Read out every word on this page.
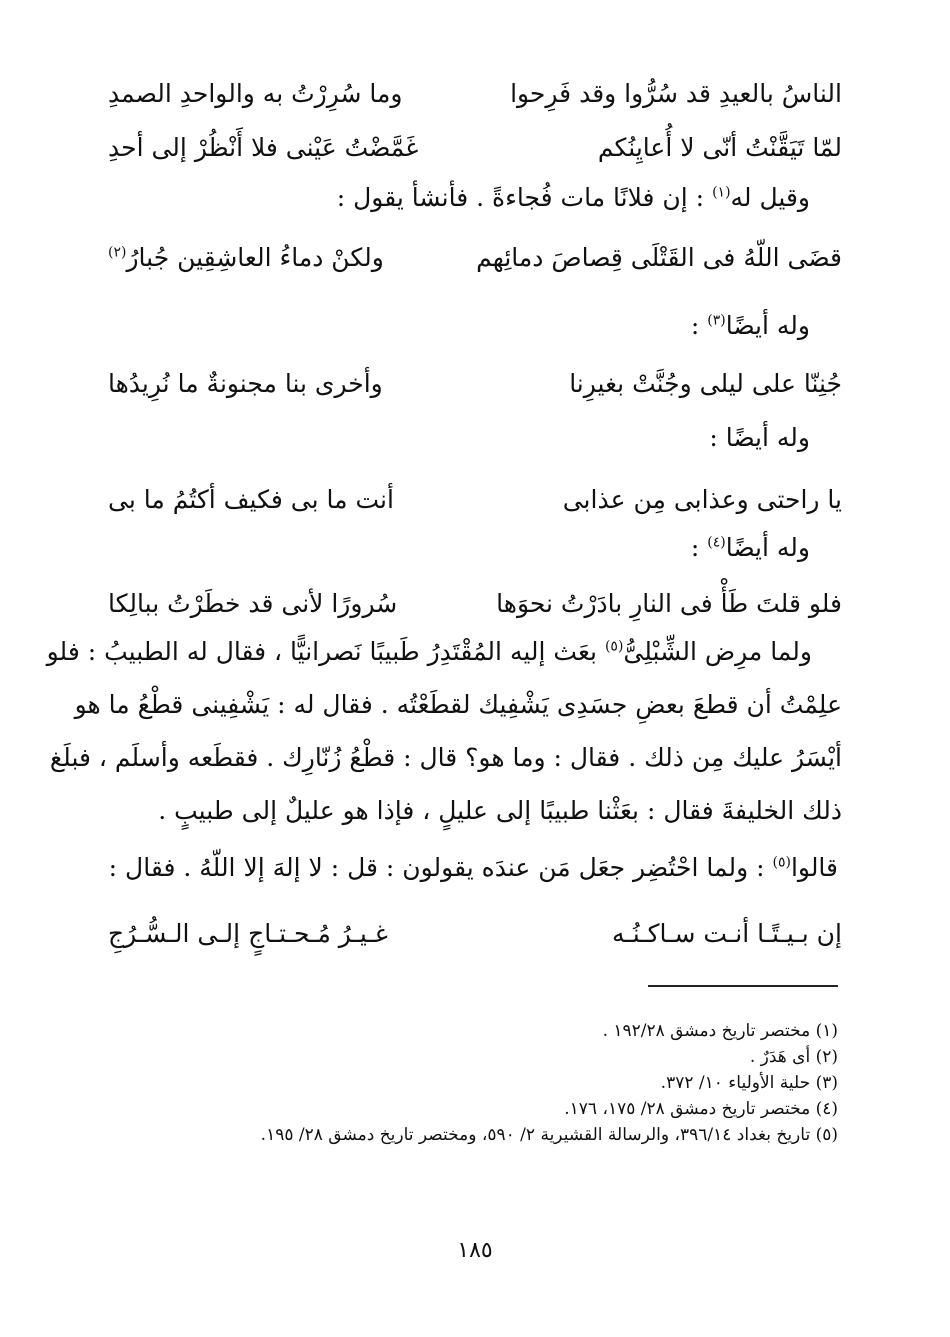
الناسُ بالعيدِ قد سُرُّوا وقد فَرِحوا
وما سُرِرْتُ به والواحدِ الصمدِ
لمّا تَيَقَّنْتُ أنّى لا أُعايِنُكم
غَمَّضْتُ عَيْنى فلا أَنْظُرْ إلى أحدِ
وقيل له$^{(١)}$ : إن فلانًا مات فُجاءةً . فأنشأ يقول :
قضَى اللّهُ فى القَتْلَى قِصاصَ دمائِهم
ولكنْ دماءُ العاشِقِين جُبارُ$^{(٢)}$
وله أيضًا$^{(٣)}$ :
جُنِنّا على ليلى وجُنَّتْ بغيرِنا
وأخرى بنا مجنونةٌ ما نُرِيدُها
وله أيضًا :
يا راحتى وعذابى مِن عذابى
أنت ما بى فكيف أكتُمُ ما بى
وله أيضًا$^{(٤)}$ :
فلو قلتَ طَأْ فى النارِ بادَرْتُ نحوَها
سُرورًا لأنى قد خطَرْتُ ببالِكا
ولما مرِض الشِّبْلِىُّ$^{(٥)}$ بعَث إليه المُقْتَدِرُ طَبيبًا نَصرانيًّا ، فقال له الطبيبُ : فلو
علِمْتُ أن قطعَ بعضِ جسَدِى يَشْفِيك لقطَعْتُه . فقال له : يَشْفِينى قطْعُ ما هو
أيْسَرُ عليك مِن ذلك . فقال : وما هو؟ قال : قطْعُ زُنّارِك . فقطَعه وأسلَم ، فبلَغ
ذلك الخليفةَ فقال : بعَثْنا طبيبًا إلى عليلٍ ، فإذا هو عليلٌ إلى طبيبٍ .
قالوا$^{(٥)}$ : ولما احْتُضِر جعَل مَن عندَه يقولون : قل : لا إلهَ إلا اللّهُ . فقال :
إن بـيـتًـا أنـت سـاكـنُـه
غـيـرُ مُـحـتـاجٍ إلـى الـسُّـرُجِ
(١) مختصر تاريخ دمشق ١٩٢/٢٨ .
(٢) أى هَدَرٌ .
(٣) حلية الأولياء ١٠/ ٣٧٢.
(٤) مختصر تاريخ دمشق ٢٨/ ١٧٥، ١٧٦.
(٥) تاريخ بغداد ٣٩٦/١٤، والرسالة القشيرية ٢/ ٥٩٠، ومختصر تاريخ دمشق ٢٨/ ١٩٥.
١٨٥
